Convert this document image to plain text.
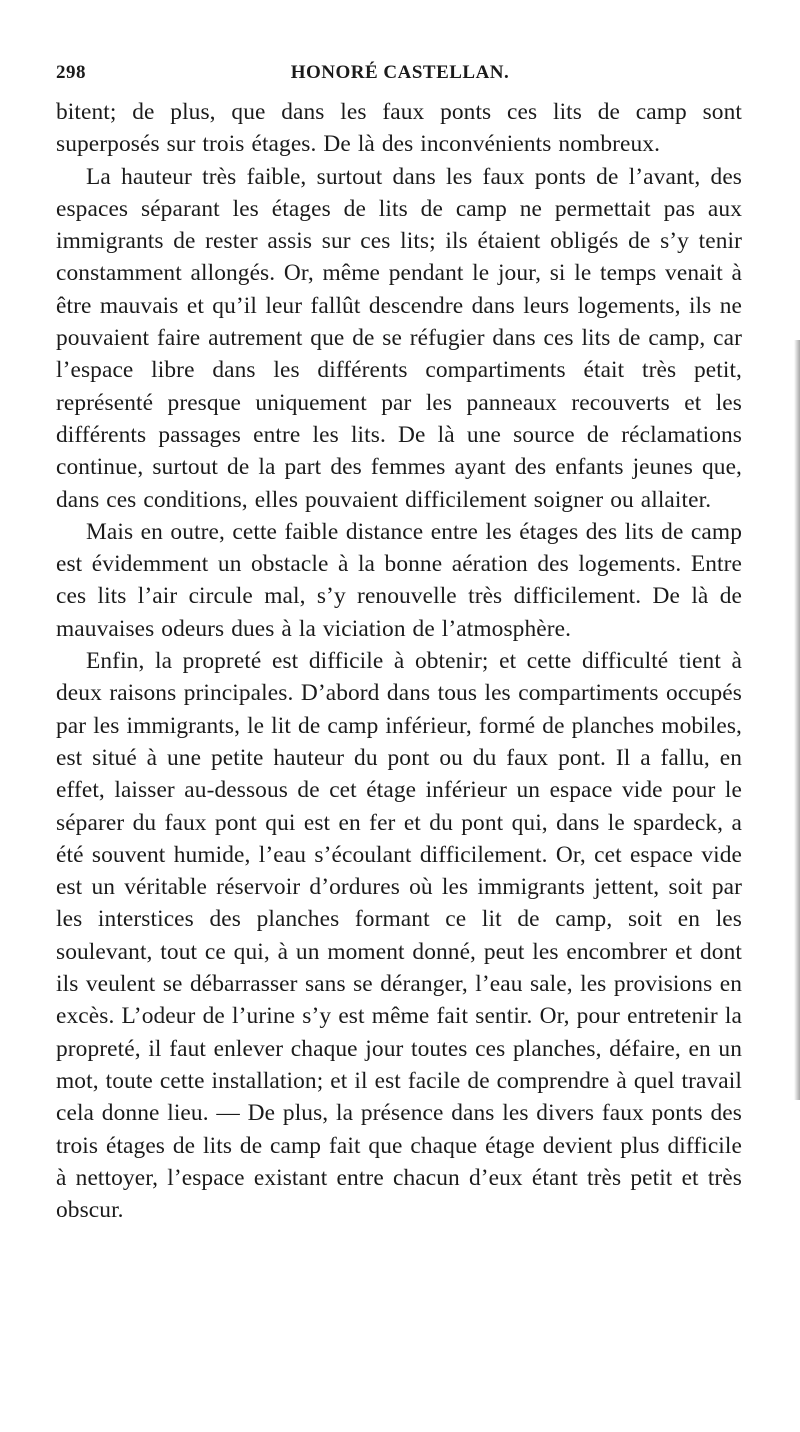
298	HONORÉ CASTELLAN.

bitent; de plus, que dans les faux ponts ces lits de camp sont superposés sur trois étages. De là des inconvénients nombreux.

La hauteur très faible, surtout dans les faux ponts de l’avant, des espaces séparant les étages de lits de camp ne permettait pas aux immigrants de rester assis sur ces lits; ils étaient obligés de s’y tenir constamment allongés. Or, même pendant le jour, si le temps venait à être mauvais et qu’il leur fallût descendre dans leurs logements, ils ne pouvaient faire autrement que de se réfugier dans ces lits de camp, car l’espace libre dans les différents compartiments était très petit, représenté presque uniquement par les panneaux recouverts et les différents passages entre les lits. De là une source de réclamations continue, surtout de la part des femmes ayant des enfants jeunes que, dans ces conditions, elles pouvaient difficilement soigner ou allaiter.

Mais en outre, cette faible distance entre les étages des lits de camp est évidemment un obstacle à la bonne aération des logements. Entre ces lits l’air circule mal, s’y renouvelle très difficilement. De là de mauvaises odeurs dues à la viciation de l’atmosphère.

Enfin, la propreté est difficile à obtenir; et cette difficulté tient à deux raisons principales. D’abord dans tous les compartiments occupés par les immigrants, le lit de camp inférieur, formé de planches mobiles, est situé à une petite hauteur du pont ou du faux pont. Il a fallu, en effet, laisser au-dessous de cet étage inférieur un espace vide pour le séparer du faux pont qui est en fer et du pont qui, dans le spardeck, a été souvent humide, l’eau s’écoulant difficilement. Or, cet espace vide est un véritable réservoir d’ordures où les immigrants jettent, soit par les interstices des planches formant ce lit de camp, soit en les soulevant, tout ce qui, à un moment donné, peut les encombrer et dont ils veulent se débarrasser sans se déranger, l’eau sale, les provisions en excès. L’odeur de l’urine s’y est même fait sentir. Or, pour entretenir la propreté, il faut enlever chaque jour toutes ces planches, défaire, en un mot, toute cette installation; et il est facile de comprendre à quel travail cela donne lieu. — De plus, la présence dans les divers faux ponts des trois étages de lits de camp fait que chaque étage devient plus difficile à nettoyer, l’espace existant entre chacun d’eux étant très petit et très obscur.
